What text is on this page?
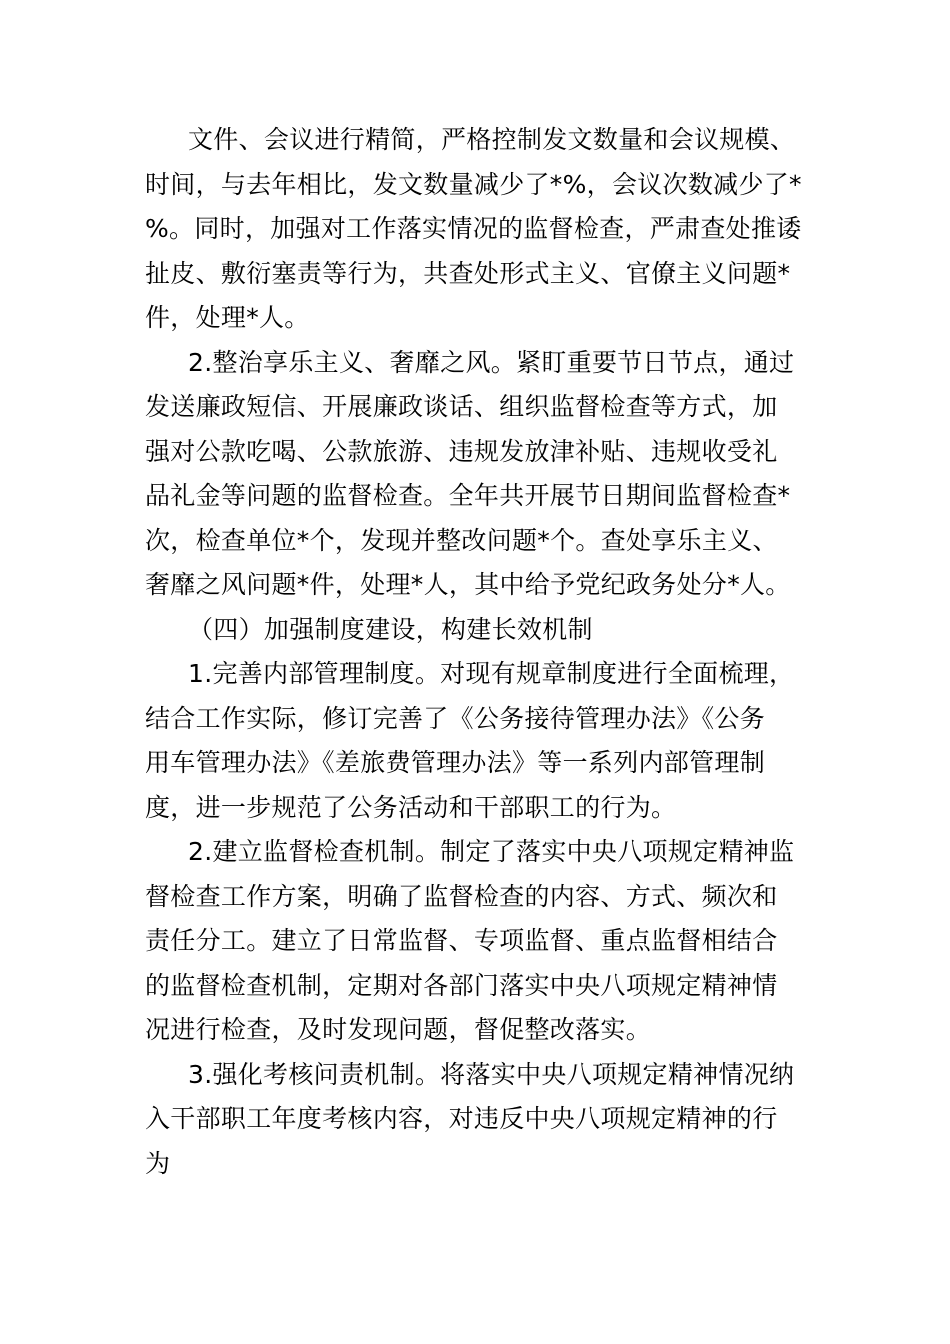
文件、会议进行精简，严格控制发文数量和会议规模、
时间，与去年相比，发文数量减少了*%，会议次数减少了*
%。同时，加强对工作落实情况的监督检查，严肃查处推诿
扯皮、敷衍塞责等行为，共查处形式主义、官僚主义问题*
件，处理*人。
2.整治享乐主义、奢靡之风。紧盯重要节日节点，通过
发送廉政短信、开展廉政谈话、组织监督检查等方式，加
强对公款吃喝、公款旅游、违规发放津补贴、违规收受礼
品礼金等问题的监督检查。全年共开展节日期间监督检查*
次，检查单位*个，发现并整改问题*个。查处享乐主义、
奢靡之风问题*件，处理*人，其中给予党纪政务处分*人。
（四）加强制度建设，构建长效机制
1.完善内部管理制度。对现有规章制度进行全面梳理，
结合工作实际，修订完善了《公务接待管理办法》《公务
用车管理办法》《差旅费管理办法》等一系列内部管理制
度，进一步规范了公务活动和干部职工的行为。
2.建立监督检查机制。制定了落实中央八项规定精神监
督检查工作方案，明确了监督检查的内容、方式、频次和
责任分工。建立了日常监督、专项监督、重点监督相结合
的监督检查机制，定期对各部门落实中央八项规定精神情
况进行检查，及时发现问题，督促整改落实。
3.强化考核问责机制。将落实中央八项规定精神情况纳
入干部职工年度考核内容，对违反中央八项规定精神的行
为
